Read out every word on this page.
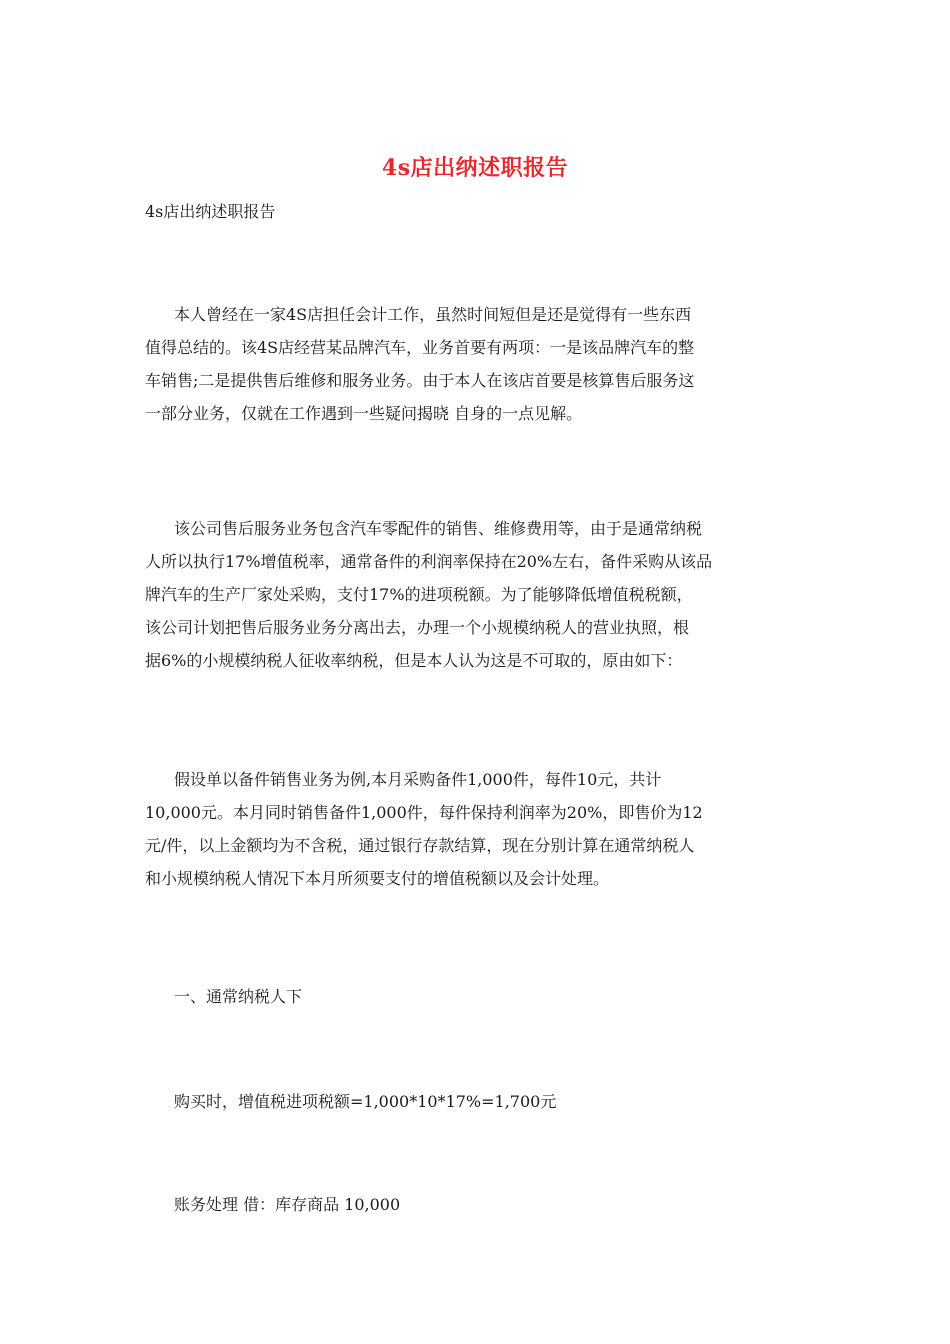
4s店出纳述职报告
4s店出纳述职报告
本人曾经在一家4S店担任会计工作，虽然时间短但是还是觉得有一些东西
值得总结的。该4S店经营某品牌汽车，业务首要有两项：一是该品牌汽车的整
车销售;二是提供售后维修和服务业务。由于本人在该店首要是核算售后服务这
一部分业务，仅就在工作遇到一些疑问揭晓 自身的一点见解。
该公司售后服务业务包含汽车零配件的销售、维修费用等，由于是通常纳税
人所以执行17%增值税率，通常备件的利润率保持在20%左右，备件采购从该品
牌汽车的生产厂家处采购，支付17%的进项税额。为了能够降低增值税税额，
该公司计划把售后服务业务分离出去，办理一个小规模纳税人的营业执照，根
据6%的小规模纳税人征收率纳税，但是本人认为这是不可取的，原由如下：
假设单以备件销售业务为例,本月采购备件1,000件，每件10元，共计
10,000元。本月同时销售备件1,000件，每件保持利润率为20%，即售价为12
元/件，以上金额均为不含税，通过银行存款结算，现在分别计算在通常纳税人
和小规模纳税人情况下本月所须要支付的增值税额以及会计处理。
一、通常纳税人下
购买时，增值税进项税额=1,000*10*17%=1,700元
账务处理 借：库存商品 10,000
